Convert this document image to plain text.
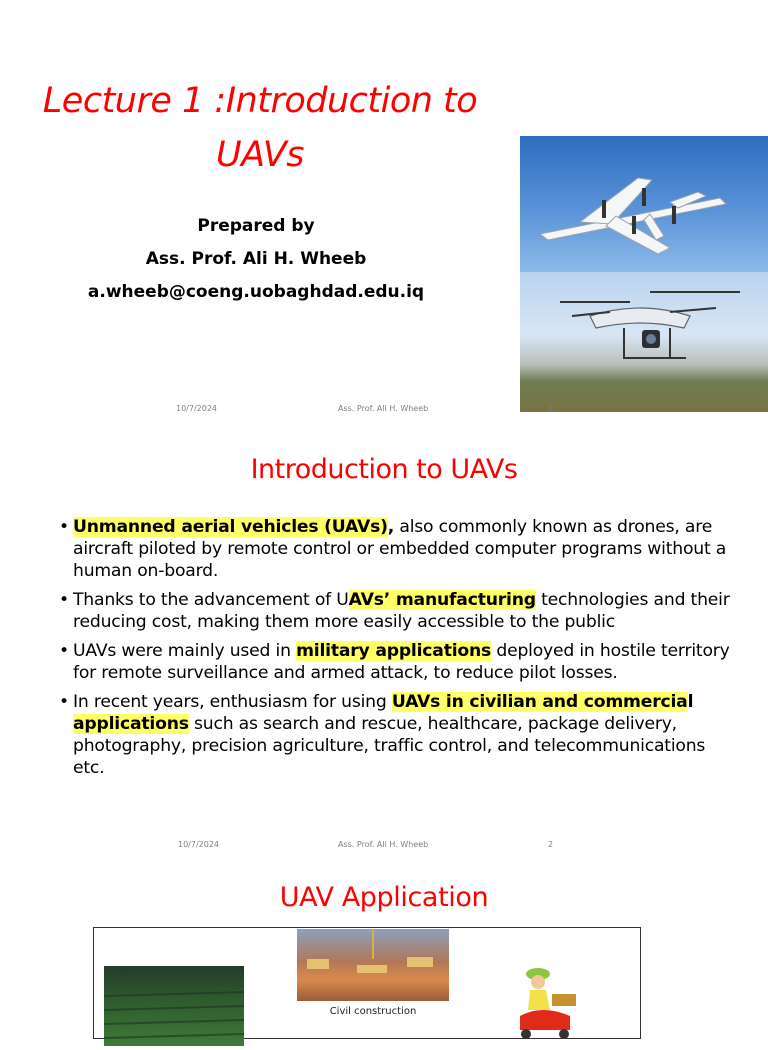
Lecture 1 :Introduction to
UAVs
Prepared by
Ass. Prof. Ali H. Wheeb
a.wheeb@coeng.uobaghdad.edu.iq
10/7/2024	Ass. Prof. Ali H. Wheeb	1
Introduction to UAVs
• Unmanned aerial vehicles (UAVs), also commonly known as drones, are aircraft piloted by remote control or embedded computer programs without a human on-board.
• Thanks to the advancement of UAVs’ manufacturing technologies and their reducing cost, making them more easily accessible to the public
• UAVs were mainly used in military applications deployed in hostile territory for remote surveillance and armed attack, to reduce pilot losses.
• In recent years, enthusiasm for using UAVs in civilian and commercial applications such as search and rescue, healthcare, package delivery, photography, precision agriculture, traffic control, and telecommunications etc.
10/7/2024	Ass. Prof. Ali H. Wheeb	2
UAV Application
Civil construction
